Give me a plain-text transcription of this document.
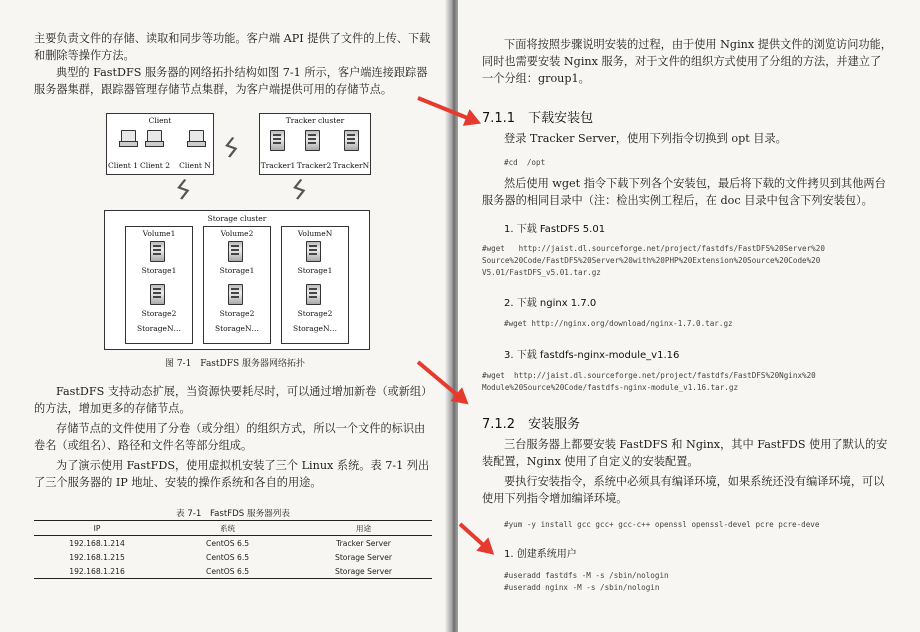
主要负责文件的存储、读取和同步等功能。客户端 API 提供了文件的上传、下载和删除等操作方法。
典型的 FastDFS 服务器的网络拓扑结构如图 7-1 所示，客户端连接跟踪器服务器集群，跟踪器管理存储节点集群，为客户端提供可用的存储节点。
Client
Client 1 Client 2 Client N
Tracker cluster
Tracker1 Tracker2 TrackerN
ϟ
ϟ	ϟ
Storage cluster
Volume1
Storage1
Storage2
StorageN…
Volume2
Storage1
Storage2
StorageN…
VolumeN
Storage1
Storage2
StorageN…
图 7-1　FastDFS 服务器网络拓扑
FastDFS 支持动态扩展，当资源快要耗尽时，可以通过增加新卷（或新组）的方法，增加更多的存储节点。
存储节点的文件使用了分卷（或分组）的组织方式，所以一个文件的标识由卷名（或组名）、路径和文件名等部分组成。
为了演示使用 FastFDS，使用虚拟机安装了三个 Linux 系统。表 7-1 列出了三个服务器的 IP 地址、安装的操作系统和各自的用途。
表 7-1　FastFDS 服务器列表
IP	系统	用途
192.168.1.214	CentOS 6.5	Tracker Server
192.168.1.215	CentOS 6.5	Storage Server
192.168.1.216	CentOS 6.5	Storage Server
下面将按照步骤说明安装的过程，由于使用 Nginx 提供文件的浏览访问功能，同时也需要安装 Nginx 服务，对于文件的组织方式使用了分组的方法，并建立了一个分组：group1。
7.1.1　下载安装包
登录 Tracker Server，使用下列指令切换到 opt 目录。
#cd  /opt
然后使用 wget 指令下载下列各个安装包，最后将下载的文件拷贝到其他两台服务器的相同目录中（注：检出实例工程后，在 doc 目录中包含下列安装包）。
1. 下载 FastDFS 5.01
#wget   http://jaist.dl.sourceforge.net/project/fastdfs/FastDFS%20Server%20
Source%20Code/FastDFS%20Server%20with%20PHP%20Extension%20Source%20Code%20
V5.01/FastDFS_v5.01.tar.gz
2. 下载 nginx 1.7.0
#wget http://nginx.org/download/nginx-1.7.0.tar.gz
3. 下载 fastdfs-nginx-module_v1.16
#wget  http://jaist.dl.sourceforge.net/project/fastdfs/FastDFS%20Nginx%20
Module%20Source%20Code/fastdfs-nginx-module_v1.16.tar.gz
7.1.2　安装服务
三台服务器上都要安装 FastDFS 和 Nginx，其中 FastFDS 使用了默认的安装配置，Nginx 使用了自定义的安装配置。
要执行安装指令，系统中必须具有编译环境，如果系统还没有编译环境，可以使用下列指令增加编译环境。
#yum -y install gcc gcc+ gcc-c++ openssl openssl-devel pcre pcre-deve
1. 创建系统用户
#useradd fastdfs -M -s /sbin/nologin
#useradd nginx -M -s /sbin/nologin
